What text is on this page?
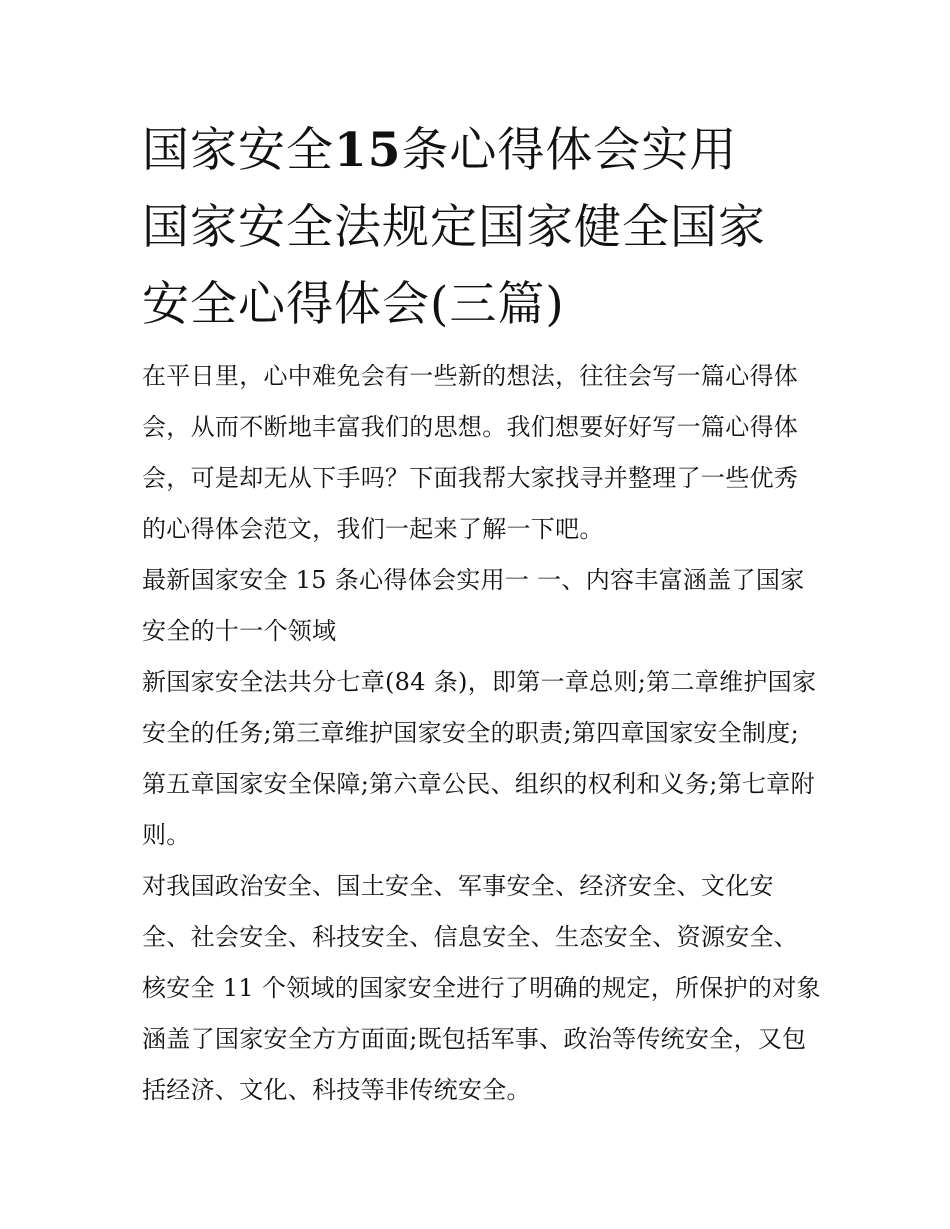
国家安全15条心得体会实用
国家安全法规定国家健全国家
安全心得体会(三篇)

在平日里，心中难免会有一些新的想法，往往会写一篇心得体会，从而不断地丰富我们的思想。我们想要好好写一篇心得体会，可是却无从下手吗？下面我帮大家找寻并整理了一些优秀的心得体会范文，我们一起来了解一下吧。

最新国家安全 15 条心得体会实用一 一、内容丰富涵盖了国家安全的十一个领域

新国家安全法共分七章(84 条)，即第一章总则;第二章维护国家安全的任务;第三章维护国家安全的职责;第四章国家安全制度;第五章国家安全保障;第六章公民、组织的权利和义务;第七章附则。

对我国政治安全、国土安全、军事安全、经济安全、文化安全、社会安全、科技安全、信息安全、生态安全、资源安全、核安全 11 个领域的国家安全进行了明确的规定，所保护的对象涵盖了国家安全方方面面;既包括军事、政治等传统安全，又包括经济、文化、科技等非传统安全。
